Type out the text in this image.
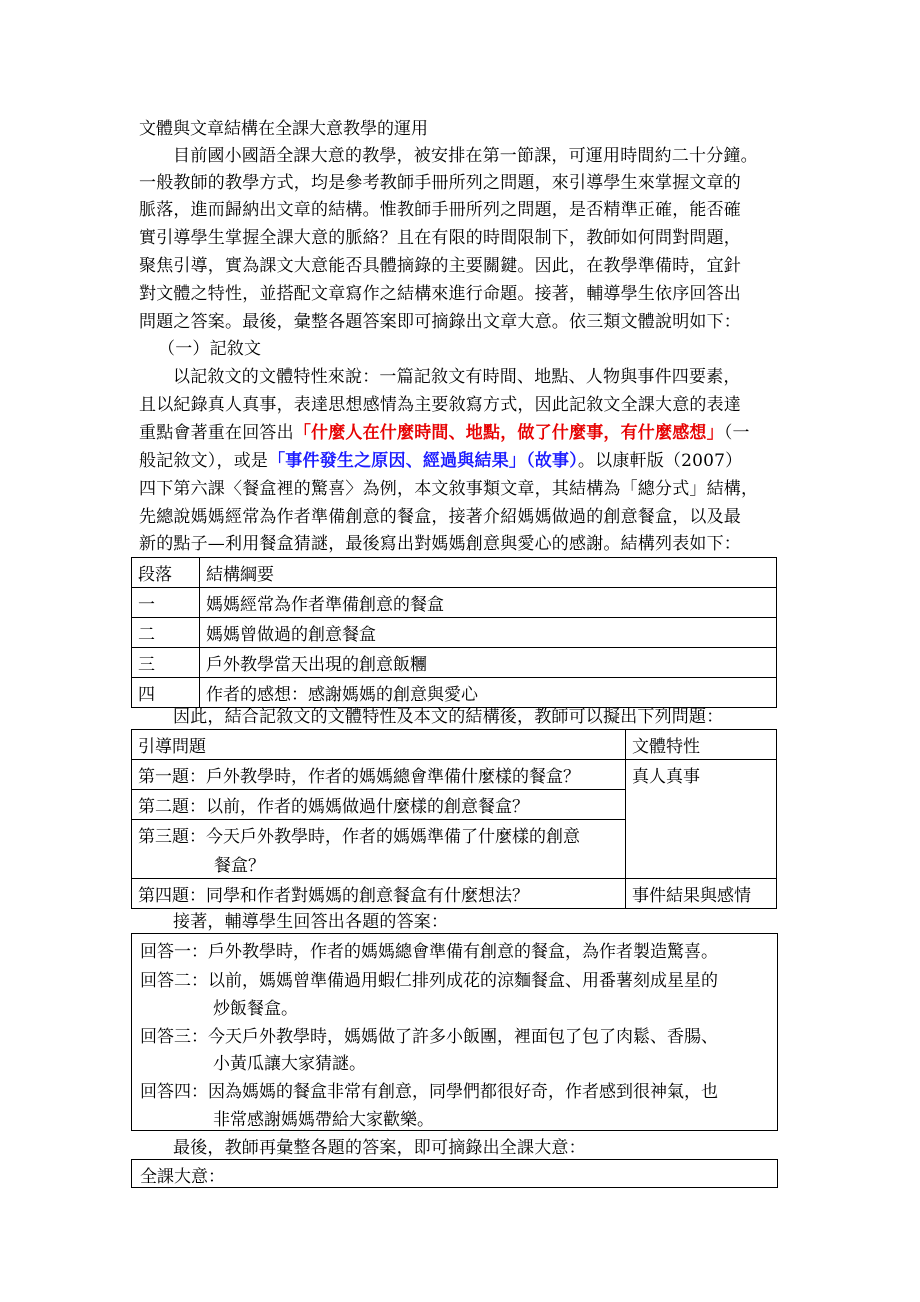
文體與文章結構在全課大意教學的運用
目前國小國語全課大意的教學，被安排在第一節課，可運用時間約二十分鐘。
一般教師的教學方式，均是參考教師手冊所列之問題，來引導學生來掌握文章的
脈落，進而歸納出文章的結構。惟教師手冊所列之問題，是否精準正確，能否確
實引導學生掌握全課大意的脈絡？且在有限的時間限制下，教師如何問對問題，
聚焦引導，實為課文大意能否具體摘錄的主要關鍵。因此，在教學準備時，宜針
對文體之特性，並搭配文章寫作之結構來進行命題。接著，輔導學生依序回答出
問題之答案。最後，彙整各題答案即可摘錄出文章大意。依三類文體說明如下：
（一）記敘文
以記敘文的文體特性來說：一篇記敘文有時間、地點、人物與事件四要素，
且以紀錄真人真事，表達思想感情為主要敘寫方式，因此記敘文全課大意的表達
重點會著重在回答出「什麼人在什麼時間、地點，做了什麼事，有什麼感想」（一
般記敘文），或是「事件發生之原因、經過與結果」（故事）。以康軒版（2007）
四下第六課〈餐盒裡的驚喜〉為例，本文敘事類文章，其結構為「總分式」結構，
先總說媽媽經常為作者準備創意的餐盒，接著介紹媽媽做過的創意餐盒，以及最
新的點子—利用餐盒猜謎，最後寫出對媽媽創意與愛心的感謝。結構列表如下：
段落	結構綱要
一	媽媽經常為作者準備創意的餐盒
二	媽媽曾做過的創意餐盒
三	戶外教學當天出現的創意飯糰
四	作者的感想：感謝媽媽的創意與愛心
因此，結合記敘文的文體特性及本文的結構後，教師可以擬出下列問題：
引導問題	文體特性
第一題：戶外教學時，作者的媽媽總會準備什麼樣的餐盒？	真人真事
第二題：以前，作者的媽媽做過什麼樣的創意餐盒？	

第三題：今天戶外教學時，作者的媽媽準備了什麼樣的創意
餐盒？	

第四題：同學和作者對媽媽的創意餐盒有什麼想法？	事件結果與感情
接著，輔導學生回答出各題的答案：
回答一：戶外教學時，作者的媽媽總會準備有創意的餐盒，為作者製造驚喜。
回答二：以前，媽媽曾準備過用蝦仁排列成花的涼麵餐盒、用番薯刻成星星的
炒飯餐盒。
回答三：今天戶外教學時，媽媽做了許多小飯團，裡面包了包了肉鬆、香腸、
小黃瓜讓大家猜謎。
回答四：因為媽媽的餐盒非常有創意，同學們都很好奇，作者感到很神氣，也
非常感謝媽媽帶給大家歡樂。
最後，教師再彙整各題的答案，即可摘錄出全課大意：
全課大意：
